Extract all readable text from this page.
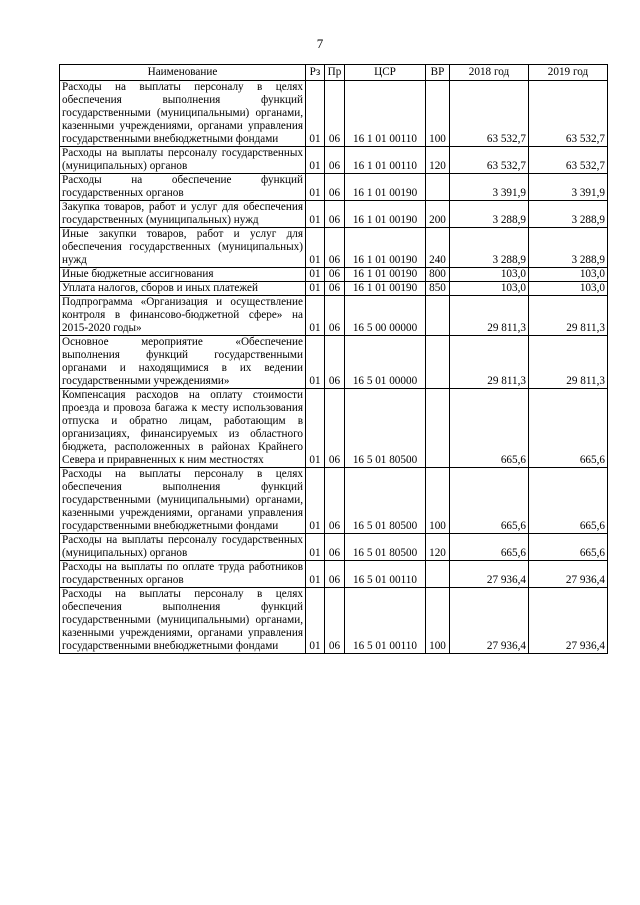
7
Наименование	Рз	Пр	ЦСР	ВР	2018 год	2019 год
Расходы на выплаты персоналу в целях обеспечения выполнения функций государственными (муниципальными) органами, казенными учреждениями, органами управления государственными внебюджетными фондами	01	06	16 1 01 00110	100	63 532,7	63 532,7
Расходы на выплаты персоналу государственных (муниципальных) органов	01	06	16 1 01 00110	120	63 532,7	63 532,7
Расходы на обеспечение функций государственных органов	01	06	16 1 01 00190		3 391,9	3 391,9
Закупка товаров, работ и услуг для обеспечения государственных (муниципальных) нужд	01	06	16 1 01 00190	200	3 288,9	3 288,9
Иные закупки товаров, работ и услуг для обеспечения государственных (муниципальных) нужд	01	06	16 1 01 00190	240	3 288,9	3 288,9
Иные бюджетные ассигнования	01	06	16 1 01 00190	800	103,0	103,0
Уплата налогов, сборов и иных платежей	01	06	16 1 01 00190	850	103,0	103,0
Подпрограмма «Организация и осуществление контроля в финансово-бюджетной сфере» на 2015-2020 годы»	01	06	16 5 00 00000		29 811,3	29 811,3
Основное мероприятие «Обеспечение выполнения функций государственными органами и находящимися в их ведении государственными учреждениями»	01	06	16 5 01 00000		29 811,3	29 811,3
Компенсация расходов на оплату стоимости проезда и провоза багажа к месту использования отпуска и обратно лицам, работающим в организациях, финансируемых из областного бюджета, расположенных в районах Крайнего Севера и приравненных к ним местностях	01	06	16 5 01 80500		665,6	665,6
Расходы на выплаты персоналу в целях обеспечения выполнения функций государственными (муниципальными) органами, казенными учреждениями, органами управления государственными внебюджетными фондами	01	06	16 5 01 80500	100	665,6	665,6
Расходы на выплаты персоналу государственных (муниципальных) органов	01	06	16 5 01 80500	120	665,6	665,6
Расходы на выплаты по оплате труда работников государственных органов	01	06	16 5 01 00110		27 936,4	27 936,4
Расходы на выплаты персоналу в целях обеспечения выполнения функций государственными (муниципальными) органами, казенными учреждениями, органами управления государственными внебюджетными фондами	01	06	16 5 01 00110	100	27 936,4	27 936,4
